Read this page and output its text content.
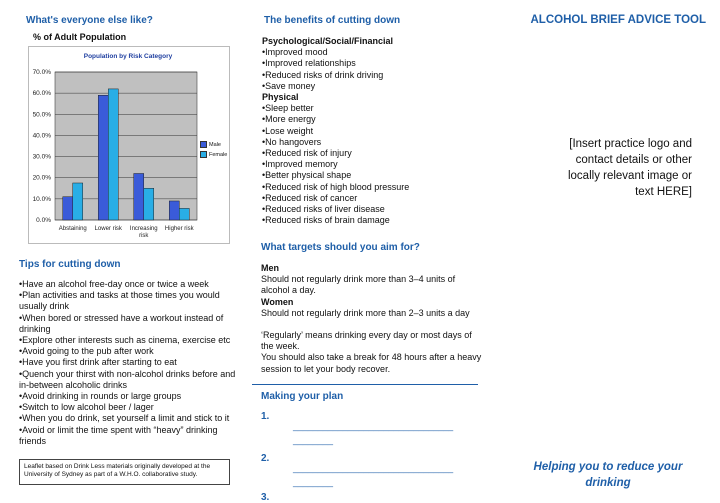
What's everyone else like?
% of Adult Population
Population by Risk Category
70.0%
60.0%
50.0%
40.0%
30.0%
20.0%
10.0%
0.0%
Abstaining Lower risk Increasing
risk
Higher risk
Male
Female
Tips for cutting down
•Have an alcohol free-day once or twice a week
•Plan activities and tasks at those times you would usually drink
•When bored or stressed have a workout instead of drinking
•Explore other interests such as cinema, exercise etc
•Avoid going to the pub after work
•Have you first drink after starting to eat
•Quench your thirst with non-alcohol drinks before and in-between alcoholic drinks
•Avoid drinking in rounds or large groups
•Switch to low alcohol beer / lager
•When you do drink, set yourself a limit and stick to it
•Avoid or limit the time spent with “heavy” drinking friends
Leaflet based on Drink Less materials originally developed at the University of Sydney as part of a W.H.O. collaborative study.
The benefits of cutting down
Psychological/Social/Financial
•Improved mood
•Improved relationships
•Reduced risks of drink driving
•Save money
Physical
•Sleep better
•More energy
•Lose weight
•No hangovers
•Reduced risk of injury
•Improved memory
•Better physical shape
•Reduced risk of high blood pressure
•Reduced risk of cancer
•Reduced risks of liver disease
•Reduced risks of brain damage
What targets should you aim for?
Men
Should not regularly drink more than 3–4 units of alcohol a day.
Women
Should not regularly drink more than 2–3 units a day
‘Regularly’ means drinking every day or most days of the week.
You should also take a break for 48 hours after a heavy session to let your body recover.
Making your plan
1.
________________________________
________
2.
________________________________
________
3.
ALCOHOL BRIEF ADVICE TOOL
[Insert practice logo and contact details or other locally relevant image or text HERE]
Helping you to reduce your drinking
